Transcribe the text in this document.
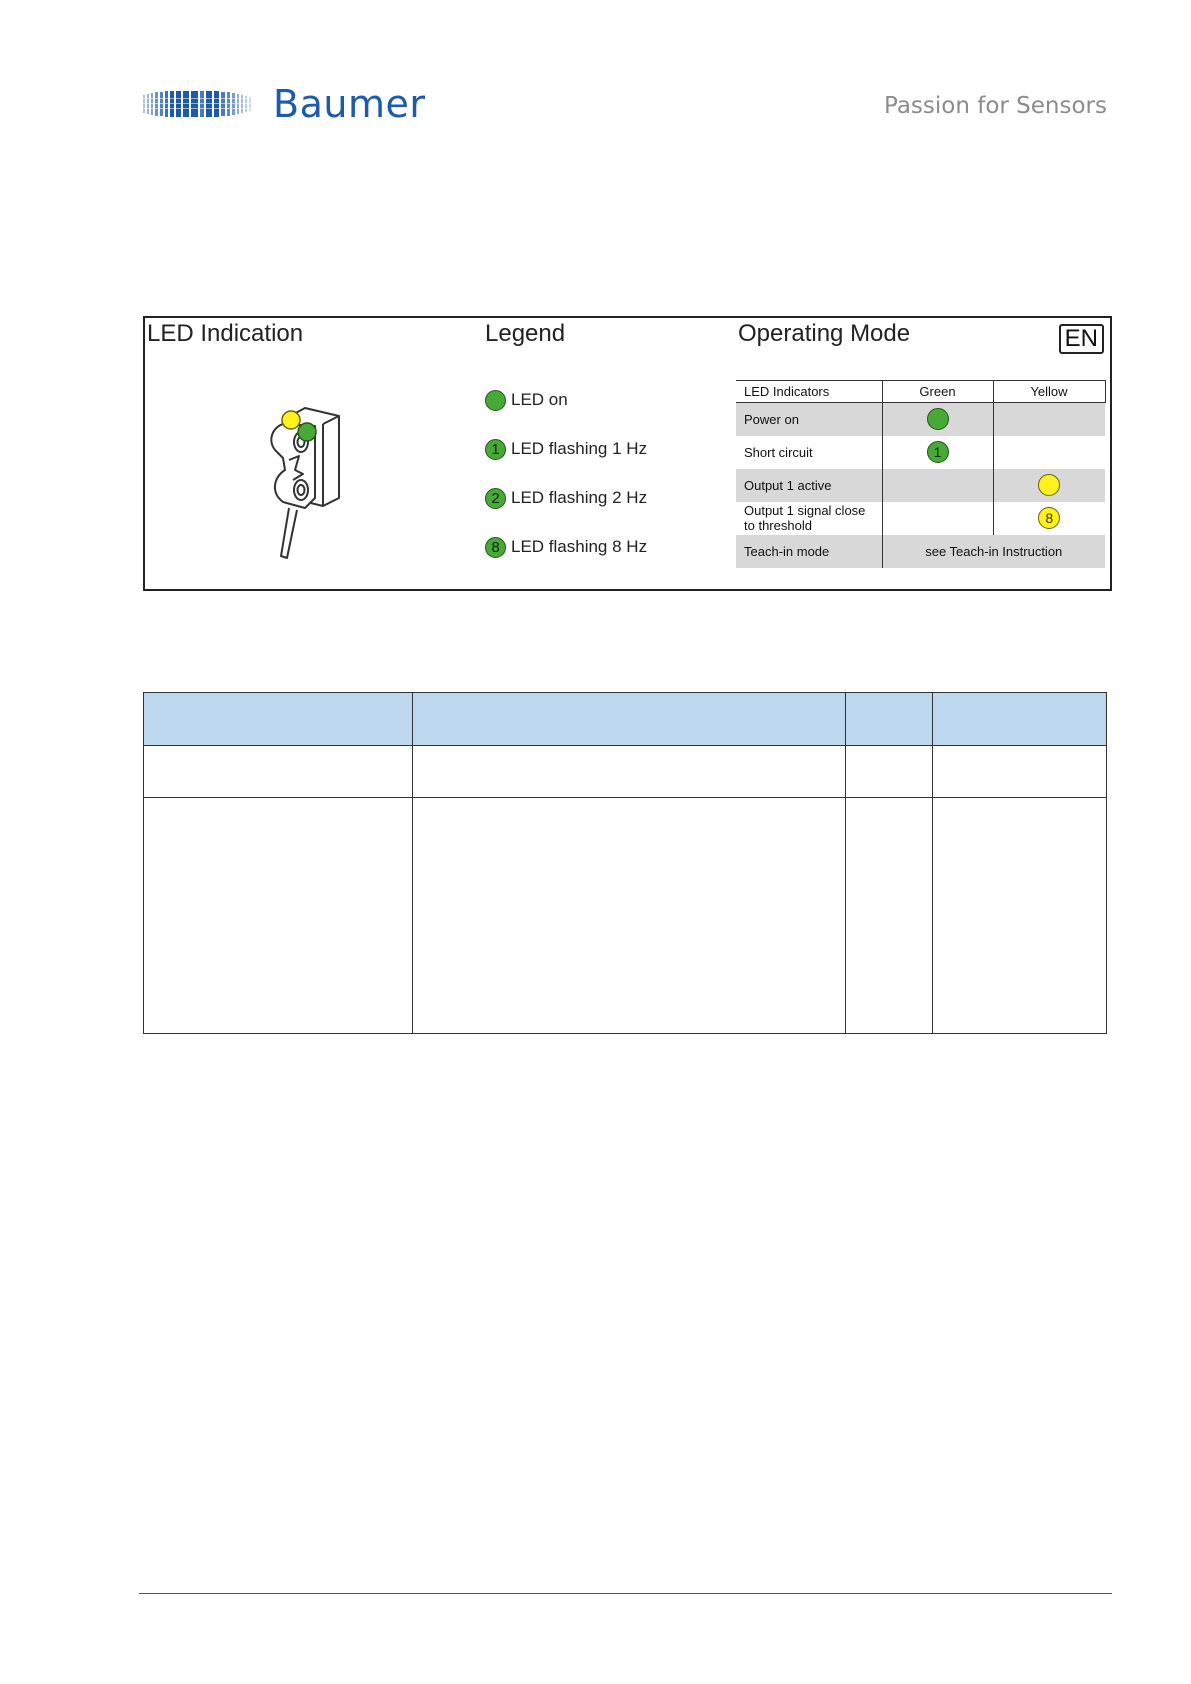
Baumer	Passion for Sensors
LED Indication	Legend	Operating Mode	EN
LED on
1 LED flashing 1 Hz
2 LED flashing 2 Hz
8 LED flashing 8 Hz
LED Indicators	Green	Yellow
Power on		
Short circuit	1	
Output 1 active		
Output 1 signal close to threshold		8
Teach-in mode	see Teach-in Instruction	
